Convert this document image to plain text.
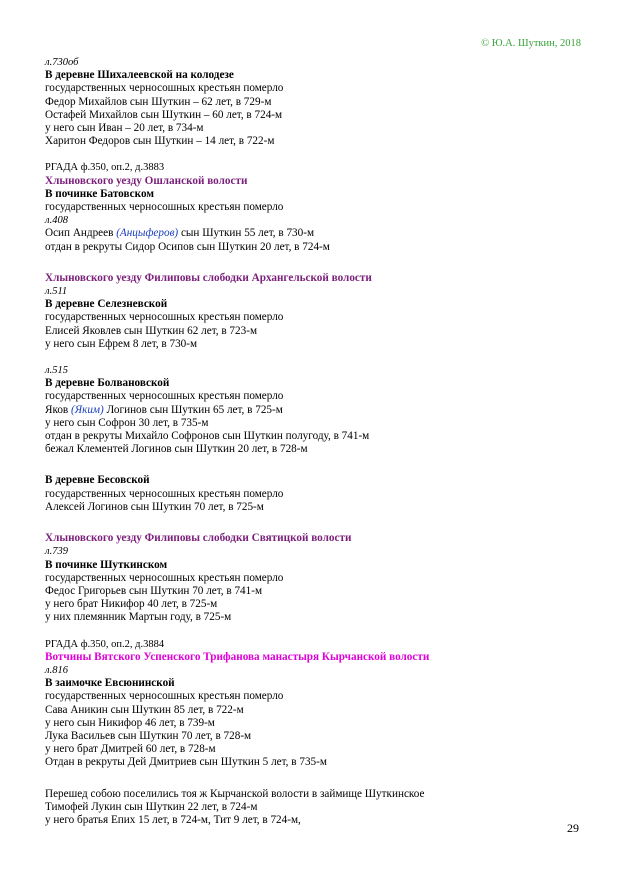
© Ю.А. Шуткин, 2018
л.730об
В деревне Шихалеевской на колодезе
государственных черносошных крестьян померло
Федор Михайлов сын Шуткин – 62 лет, в 729-м
Остафей Михайлов сын Шуткин – 60 лет, в 724-м
у него сын Иван – 20 лет, в 734-м
Харитон Федоров сын Шуткин – 14 лет, в 722-м
РГАДА ф.350, оп.2, д.3883
Хлыновского уезду Ошланской волости
В починке Батовском
государственных черносошных крестьян померло
л.408
Осип Андреев (Анцыферов) сын Шуткин 55 лет, в 730-м
отдан в рекруты Сидор Осипов сын Шуткин 20 лет, в 724-м
Хлыновского уезду Филиповы слободки Архангельской волости
л.511
В деревне Селезневской
государственных черносошных крестьян померло
Елисей Яковлев сын Шуткин 62 лет, в 723-м
у него сын Ефрем 8 лет, в 730-м
л.515
В деревне Болвановской
государственных черносошных крестьян померло
Яков (Яким) Логинов сын Шуткин 65 лет, в 725-м
у него сын Софрон 30 лет, в 735-м
отдан в рекруты Михайло Софронов сын Шуткин полугоду, в 741-м
бежал Клементей Логинов сын Шуткин 20 лет, в 728-м
В деревне Бесовской
государственных черносошных крестьян померло
Алексей Логинов сын Шуткин 70 лет, в 725-м
Хлыновского уезду Филиповы слободки Святицкой волости
л.739
В починке Шуткинском
государственных черносошных крестьян померло
Федос Григорьев сын Шуткин 70 лет, в 741-м
у него брат Никифор 40 лет, в 725-м
у них племянник Мартын году, в 725-м
РГАДА ф.350, оп.2, д.3884
Вотчины Вятского Успенского Трифанова манастыря Кырчанской волости
л.816
В заимочке Евсюнинской
государственных черносошных крестьян померло
Сава Аникин сын Шуткин 85 лет, в 722-м
у него сын Никифор 46 лет, в 739-м
Лука Васильев сын Шуткин 70 лет, в 728-м
у него брат Дмитрей 60 лет, в 728-м
Отдан в рекруты Дей Дмитриев сын Шуткин 5 лет, в 735-м
Перешед собою поселились тоя ж Кырчанской волости в займище Шуткинское
Тимофей Лукин сын Шуткин 22 лет, в 724-м
у него братья Епих 15 лет, в 724-м, Тит 9 лет, в 724-м,
29
